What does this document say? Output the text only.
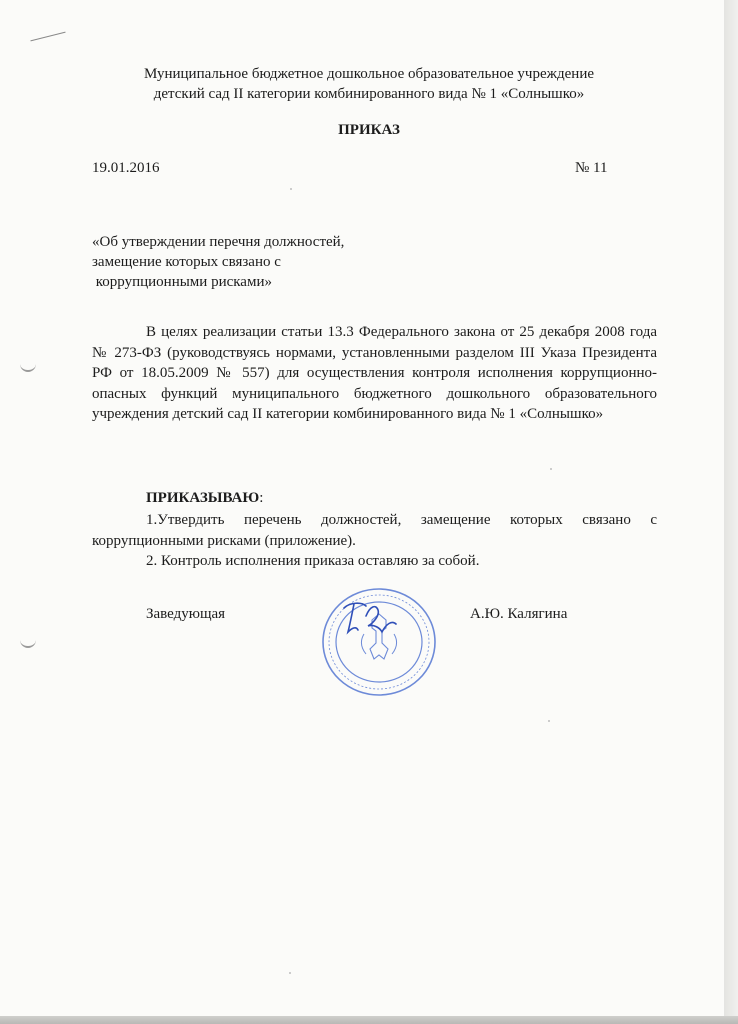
Муниципальное бюджетное дошкольное образовательное учреждение
детский сад II категории комбинированного вида № 1 «Солнышко»
ПРИКАЗ
19.01.2016	№ 11
«Об утверждении перечня должностей,
замещение которых связано с
коррупционными рисками»
В целях реализации статьи 13.3 Федерального закона от 25 декабря 2008 года № 273-ФЗ (руководствуясь нормами, установленными разделом III Указа Президента РФ от 18.05.2009 № 557) для осуществления контроля исполнения коррупционно-опасных функций муниципального бюджетного дошкольного образовательного учреждения детский сад II категории комбинированного вида № 1 «Солнышко»
ПРИКАЗЫВАЮ:
1.Утвердить перечень должностей, замещение которых связано с коррупционными рисками (приложение).
2. Контроль исполнения приказа оставляю за собой.
Заведующая	А.Ю. Калягина
